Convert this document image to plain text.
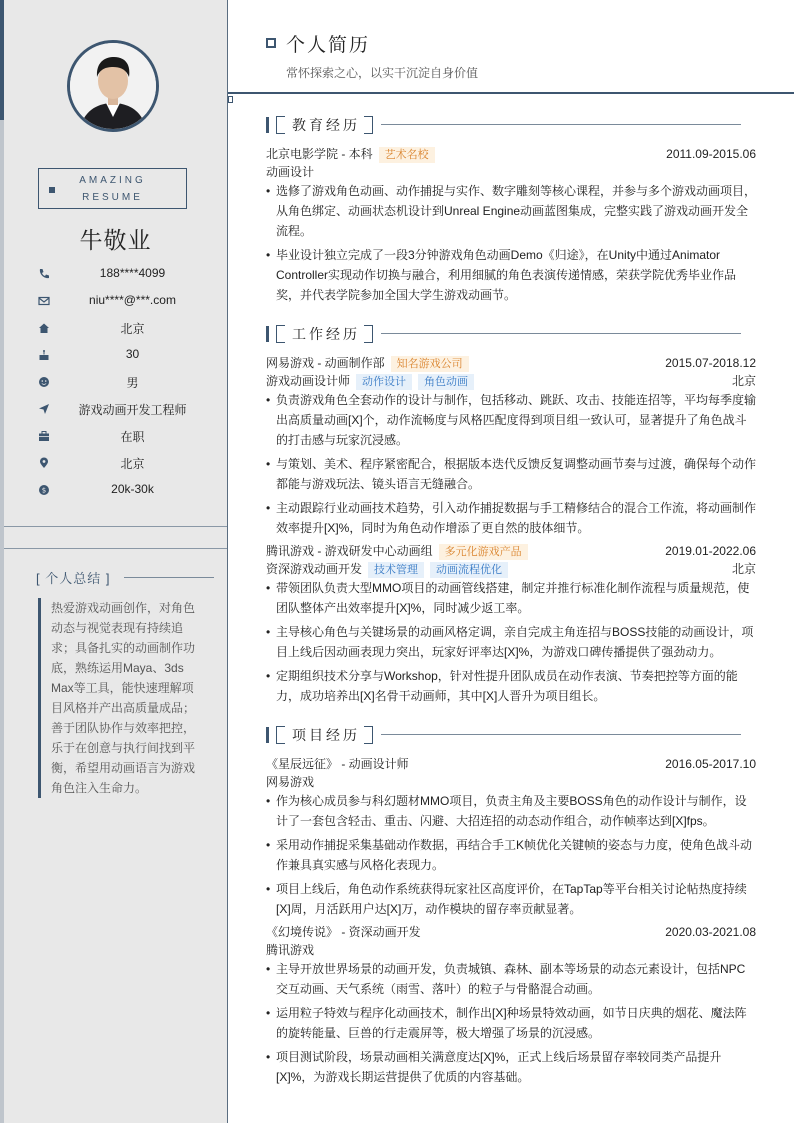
AMAZING
RESUME
牛敬业
188****4099
niu****@***.com
北京
30
男
游戏动画开发工程师
在职
北京
$	20k-30k
[ 个人总结 ]
热爱游戏动画创作，对角色动态与视觉表现有持续追求；具备扎实的动画制作功底，熟练运用Maya、3ds Max等工具，能快速理解项目风格并产出高质量成品；善于团队协作与效率把控，乐于在创意与执行间找到平衡，希望用动画语言为游戏角色注入生命力。
个人简历
常怀探索之心，以实干沉淀自身价值
教育经历
北京电影学院 - 本科 艺术名校	2011.09-2015.06
动画设计
• 选修了游戏角色动画、动作捕捉与实作、数字雕刻等核心课程，并参与多个游戏动画项目，从角色绑定、动画状态机设计到Unreal Engine动画蓝图集成，完整实践了游戏动画开发全流程。
• 毕业设计独立完成了一段3分钟游戏角色动画Demo《归途》，在Unity中通过Animator Controller实现动作切换与融合，利用细腻的角色表演传递情感，荣获学院优秀毕业作品奖，并代表学院参加全国大学生游戏动画节。
工作经历
网易游戏 - 动画制作部 知名游戏公司	2015.07-2018.12
游戏动画设计师 动作设计 角色动画	北京
• 负责游戏角色全套动作的设计与制作，包括移动、跳跃、攻击、技能连招等，平均每季度输出高质量动画[X]个，动作流畅度与风格匹配度得到项目组一致认可，显著提升了角色战斗的打击感与玩家沉浸感。
• 与策划、美术、程序紧密配合，根据版本迭代反馈反复调整动画节奏与过渡，确保每个动作都能与游戏玩法、镜头语言无缝融合。
• 主动跟踪行业动画技术趋势，引入动作捕捉数据与手工精修结合的混合工作流，将动画制作效率提升[X]%，同时为角色动作增添了更自然的肢体细节。
腾讯游戏 - 游戏研发中心动画组 多元化游戏产品	2019.01-2022.06
资深游戏动画开发 技术管理 动画流程优化	北京
• 带领团队负责大型MMO项目的动画管线搭建，制定并推行标准化制作流程与质量规范，使团队整体产出效率提升[X]%，同时减少返工率。
• 主导核心角色与关键场景的动画风格定调，亲自完成主角连招与BOSS技能的动画设计，项目上线后因动画表现力突出，玩家好评率达[X]%，为游戏口碑传播提供了强劲动力。
• 定期组织技术分享与Workshop，针对性提升团队成员在动作表演、节奏把控等方面的能力，成功培养出[X]名骨干动画师，其中[X]人晋升为项目组长。
项目经历
《星辰远征》 - 动画设计师	2016.05-2017.10
网易游戏
• 作为核心成员参与科幻题材MMO项目，负责主角及主要BOSS角色的动作设计与制作，设计了一套包含轻击、重击、闪避、大招连招的动态动作组合，动作帧率达到[X]fps。
• 采用动作捕捉采集基础动作数据，再结合手工K帧优化关键帧的姿态与力度，使角色战斗动作兼具真实感与风格化表现力。
• 项目上线后，角色动作系统获得玩家社区高度评价，在TapTap等平台相关讨论帖热度持续[X]周，月活跃用户达[X]万，动作模块的留存率贡献显著。
《幻境传说》 - 资深动画开发	2020.03-2021.08
腾讯游戏
• 主导开放世界场景的动画开发，负责城镇、森林、副本等场景的动态元素设计，包括NPC交互动画、天气系统（雨雪、落叶）的粒子与骨骼混合动画。
• 运用粒子特效与程序化动画技术，制作出[X]种场景特效动画，如节日庆典的烟花、魔法阵的旋转能量、巨兽的行走震屏等，极大增强了场景的沉浸感。
• 项目测试阶段，场景动画相关满意度达[X]%，正式上线后场景留存率较同类产品提升[X]%，为游戏长期运营提供了优质的内容基础。
